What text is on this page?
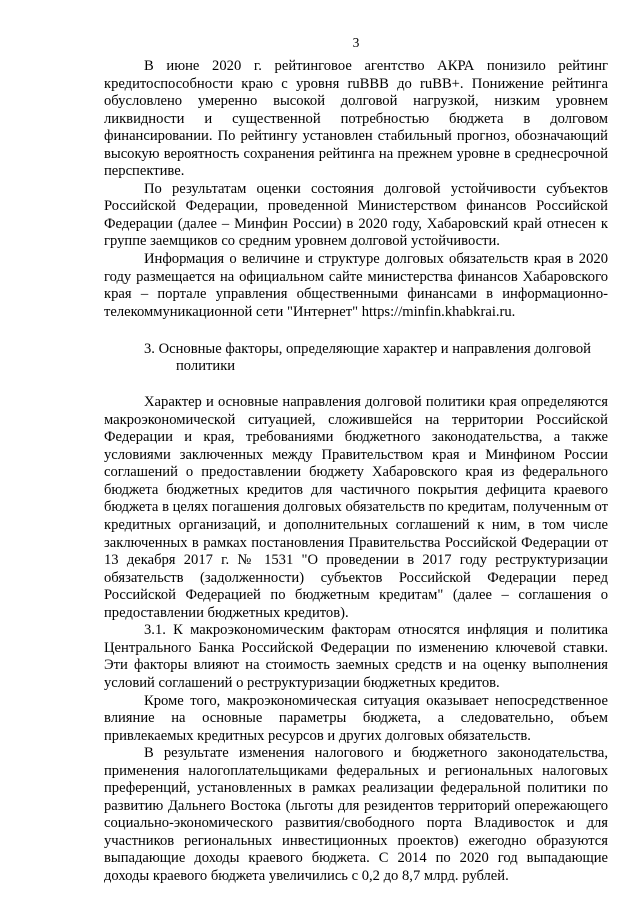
3

В июне 2020 г. рейтинговое агентство АКРА понизило рейтинг кредитоспособности краю с уровня ruBBB до ruBB+. Понижение рейтинга обусловлено умеренно высокой долговой нагрузкой, низким уровнем ликвидности и существенной потребностью бюджета в долговом финансировании. По рейтингу установлен стабильный прогноз, обозначающий высокую вероятность сохранения рейтинга на прежнем уровне в среднесрочной перспективе.

По результатам оценки состояния долговой устойчивости субъектов Российской Федерации, проведенной Министерством финансов Российской Федерации (далее – Минфин России) в 2020 году, Хабаровский край отнесен к группе заемщиков со средним уровнем долговой устойчивости.

Информация о величине и структуре долговых обязательств края в 2020 году размещается на официальном сайте министерства финансов Хабаровского края – портале управления общественными финансами в информационно-телекоммуникационной сети "Интернет" https://minfin.khabkrai.ru.

3. Основные факторы, определяющие характер и направления долговой политики

Характер и основные направления долговой политики края определяются макроэкономической ситуацией, сложившейся на территории Российской Федерации и края, требованиями бюджетного законодательства, а также условиями заключенных между Правительством края и Минфином России соглашений о предоставлении бюджету Хабаровского края из федерального бюджета бюджетных кредитов для частичного покрытия дефицита краевого бюджета в целях погашения долговых обязательств по кредитам, полученным от кредитных организаций, и дополнительных соглашений к ним, в том числе заключенных в рамках постановления Правительства Российской Федерации от 13 декабря 2017 г. № 1531 "О проведении в 2017 году реструктуризации обязательств (задолженности) субъектов Российской Федерации перед Российской Федерацией по бюджетным кредитам" (далее – соглашения о предоставлении бюджетных кредитов).

3.1. К макроэкономическим факторам относятся инфляция и политика Центрального Банка Российской Федерации по изменению ключевой ставки. Эти факторы влияют на стоимость заемных средств и на оценку выполнения условий соглашений о реструктуризации бюджетных кредитов.

Кроме того, макроэкономическая ситуация оказывает непосредственное влияние на основные параметры бюджета, а следовательно, объем привлекаемых кредитных ресурсов и других долговых обязательств.

В результате изменения налогового и бюджетного законодательства, применения налогоплательщиками федеральных и региональных налоговых преференций, установленных в рамках реализации федеральной политики по развитию Дальнего Востока (льготы для резидентов территорий опережающего социально-экономического развития/свободного порта Владивосток и для участников региональных инвестиционных проектов) ежегодно образуются выпадающие доходы краевого бюджета. С 2014 по 2020 год выпадающие доходы краевого бюджета увеличились с 0,2 до 8,7 млрд. рублей.
